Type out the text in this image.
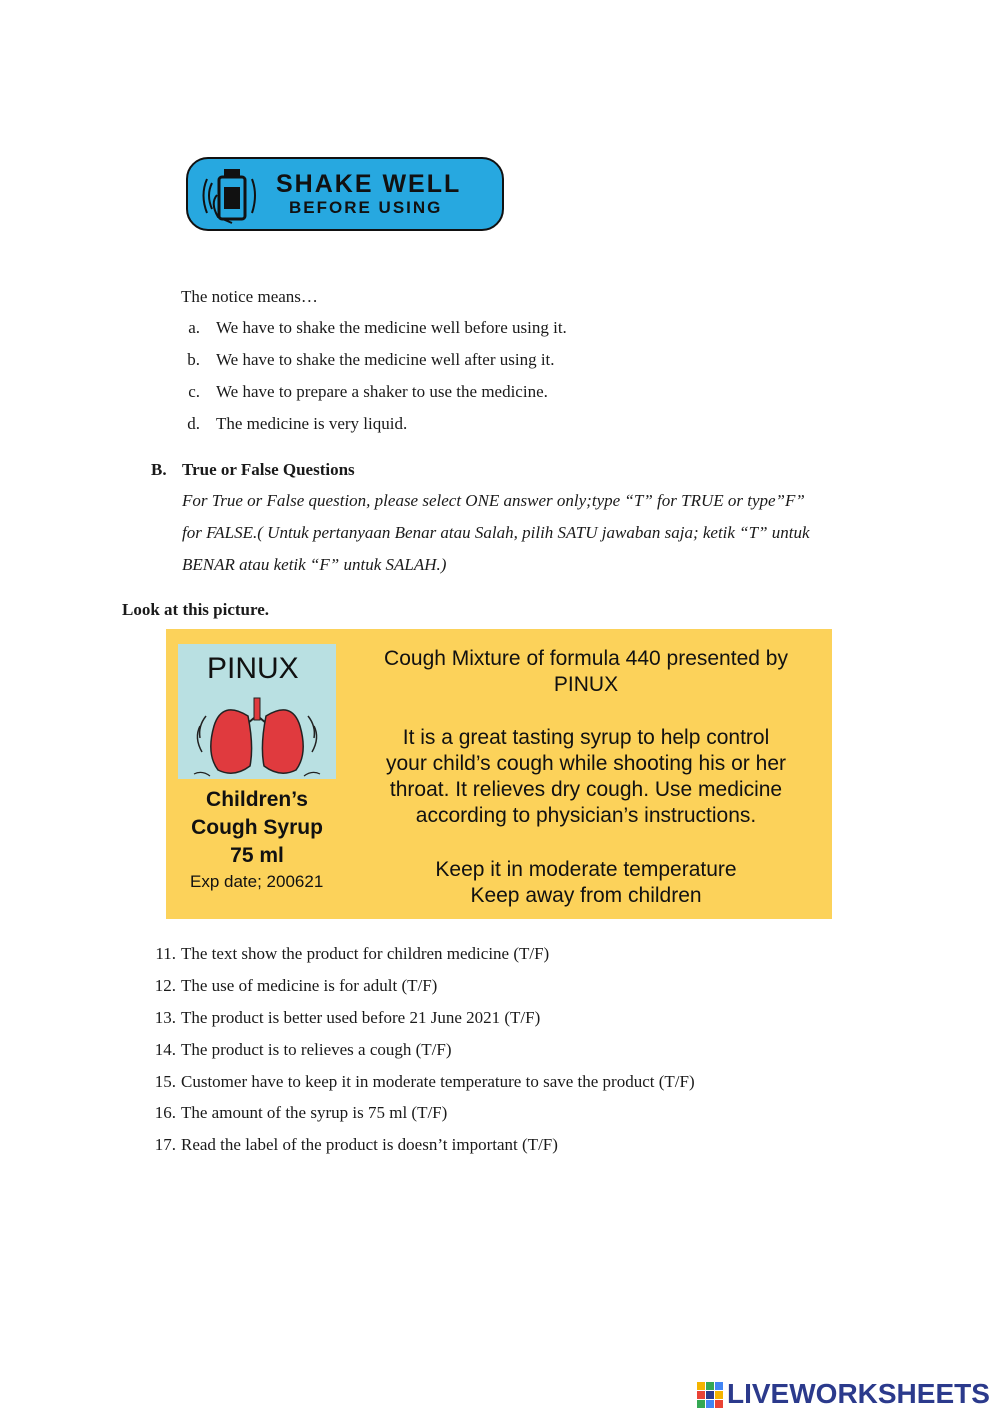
SHAKE WELL
BEFORE USING
The notice means…
a. We have to shake the medicine well before using it.
b. We have to shake the medicine well after using it.
c. We have to prepare a shaker to use the medicine.
d. The medicine is very liquid.
B. True or False Questions
For True or False question, please select ONE answer only;type “T” for TRUE or type”F”
for FALSE.( Untuk pertanyaan Benar atau Salah, pilih SATU jawaban saja; ketik “T” untuk
BENAR atau ketik “F” untuk SALAH.)
Look at this picture.
PINUX
Children’s
Cough Syrup
75 ml
Exp date; 200621
Cough Mixture of formula 440 presented by
PINUX
It is a great tasting syrup to help control
your child’s cough while shooting his or her
throat. It relieves dry cough. Use medicine
according to physician’s instructions.
Keep it in moderate temperature
Keep away from children
11. The text show the product for children medicine (T/F)
12. The use of medicine is for adult (T/F)
13. The product is better used before 21 June 2021 (T/F)
14. The product is to relieves a cough (T/F)
15. Customer have to keep it in moderate temperature to save the product (T/F)
16. The amount of the syrup is 75 ml (T/F)
17. Read the label of the product is doesn’t important (T/F)
LIVEWORKSHEETS
